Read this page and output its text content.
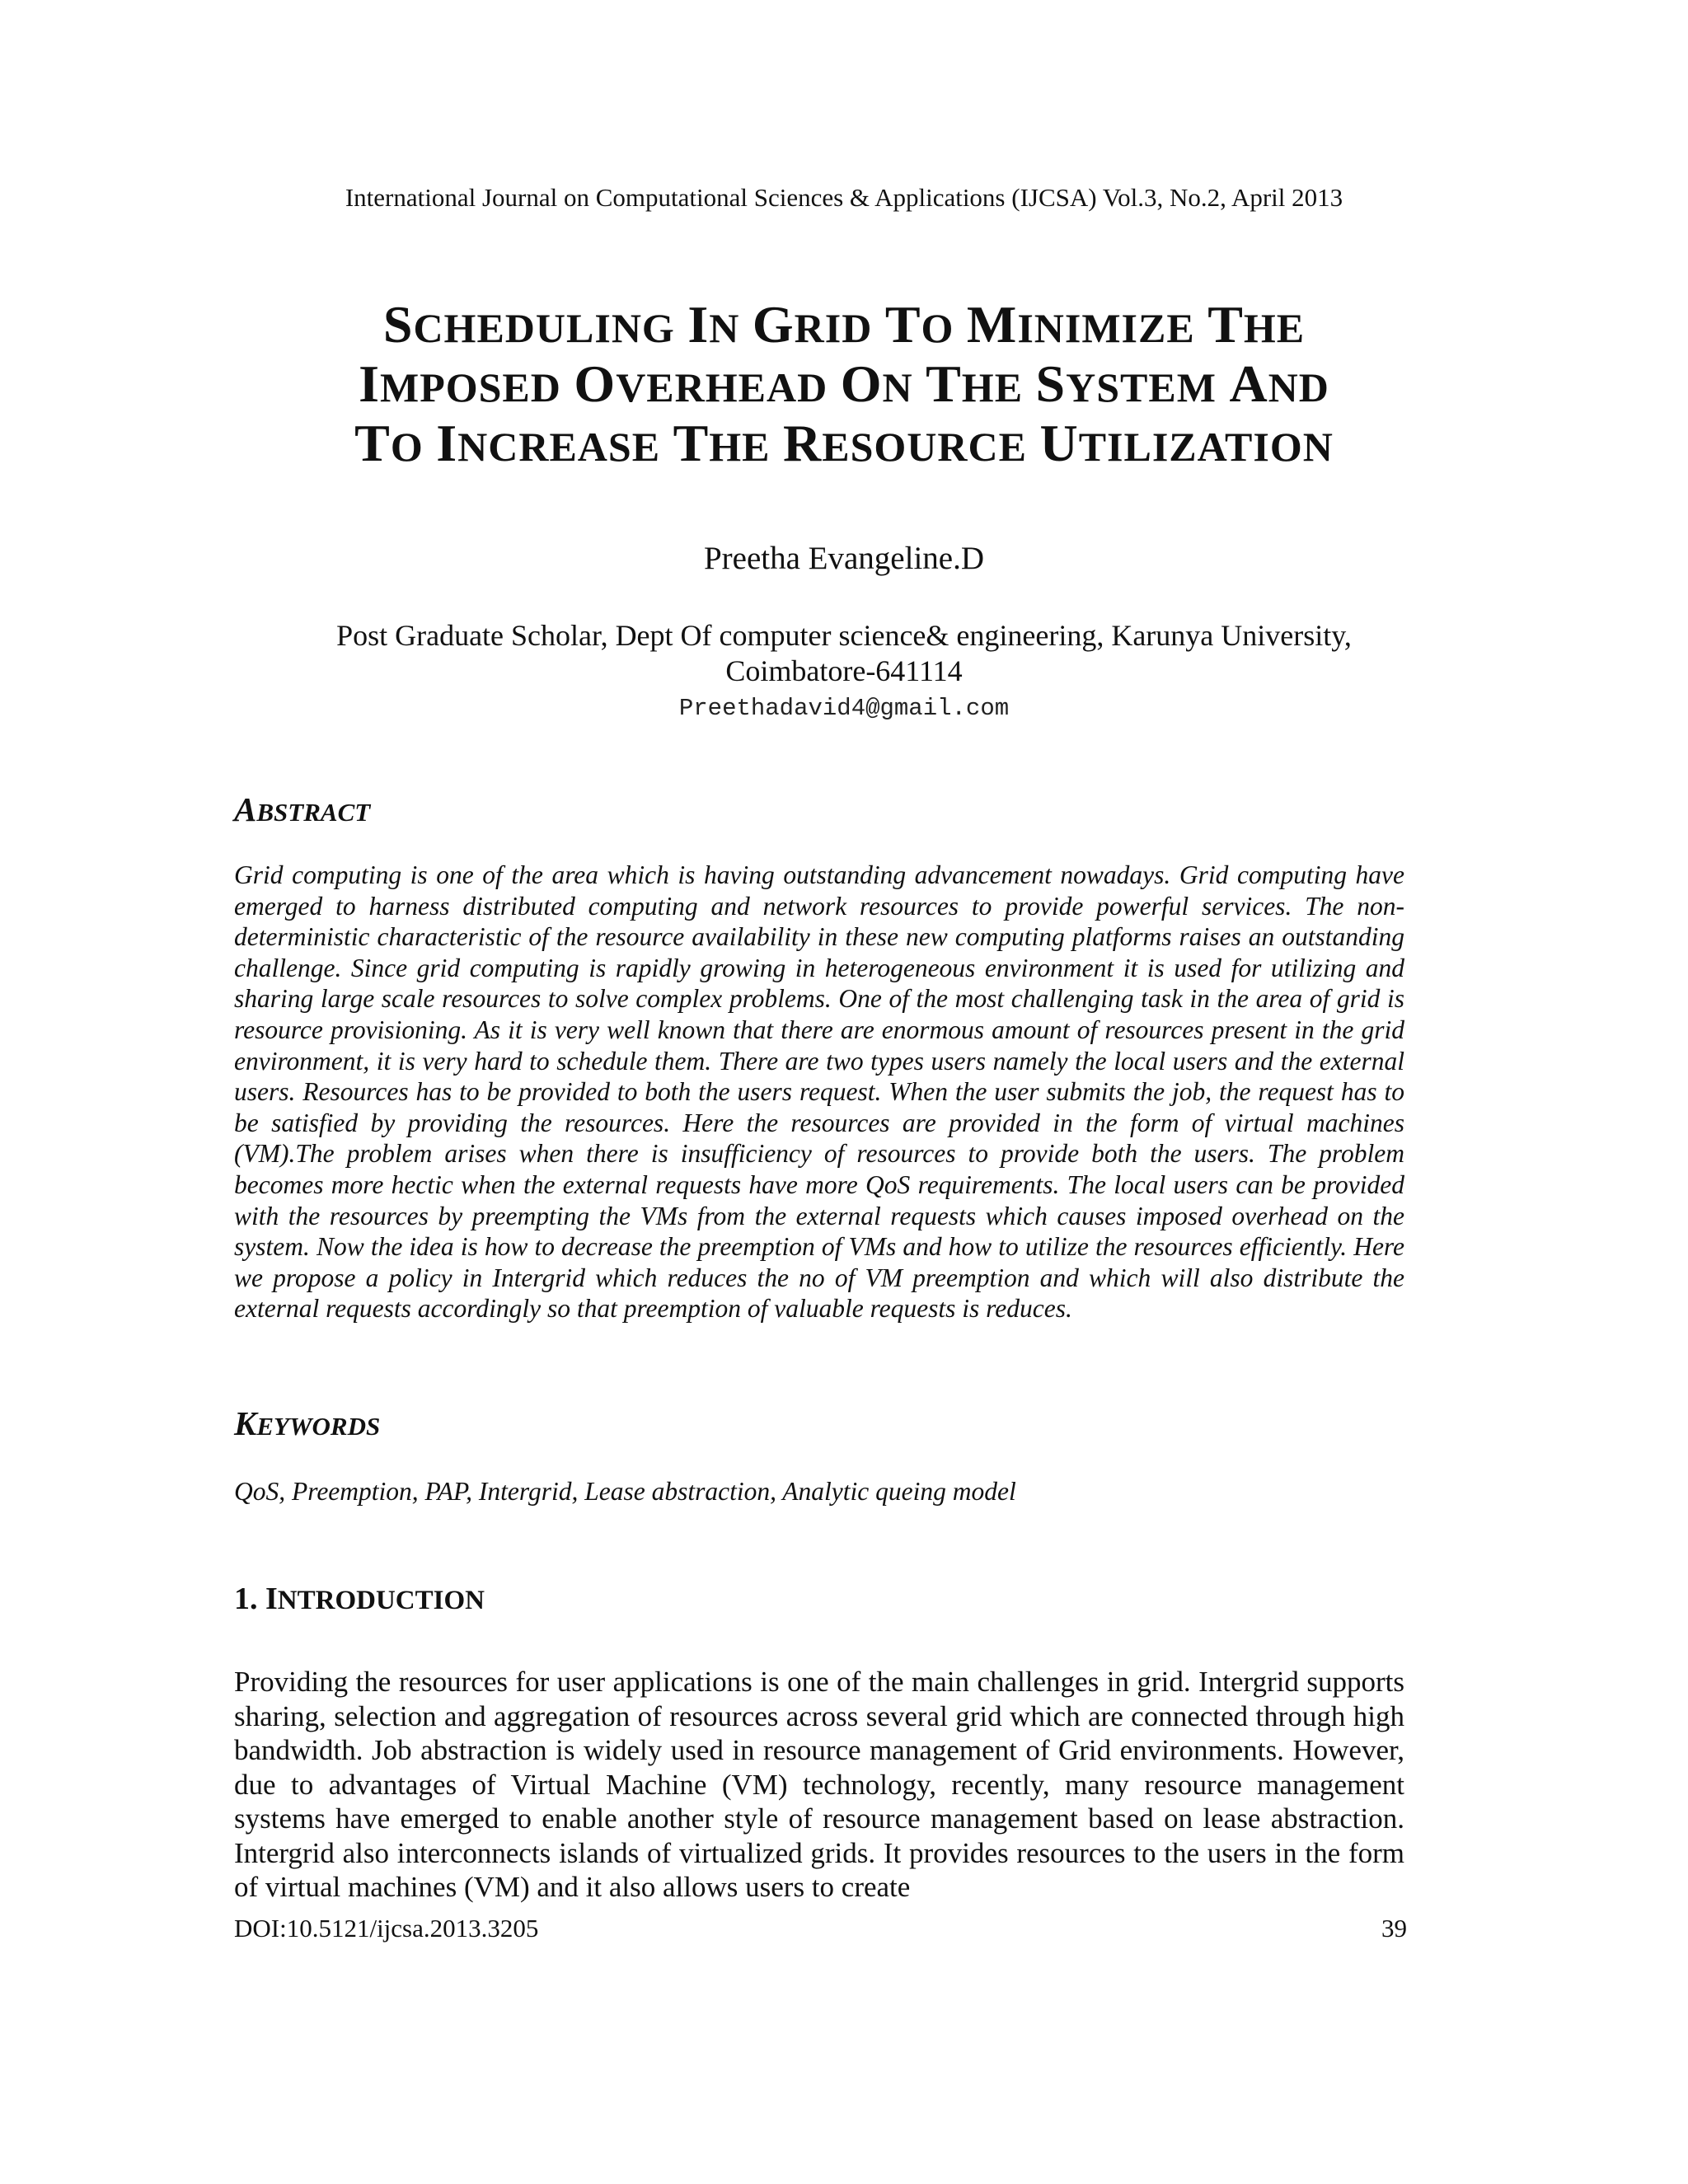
International Journal on Computational Sciences & Applications (IJCSA) Vol.3, No.2, April 2013
SCHEDULING IN GRID TO MINIMIZE THE
IMPOSED OVERHEAD ON THE SYSTEM AND
TO INCREASE THE RESOURCE UTILIZATION
Preetha Evangeline.D
Post Graduate Scholar, Dept Of computer science& engineering, Karunya University,
Coimbatore-641114
Preethadavid4@gmail.com
ABSTRACT
Grid computing is one of the area which is having outstanding advancement nowadays. Grid computing have emerged to harness distributed computing and network resources to provide powerful services. The non-deterministic characteristic of the resource availability in these new computing platforms raises an outstanding challenge. Since grid computing is rapidly growing in heterogeneous environment it is used for utilizing and sharing large scale resources to solve complex problems. One of the most challenging task in the area of grid is resource provisioning. As it is very well known that there are enormous amount of resources present in the grid environment, it is very hard to schedule them. There are two types users namely the local users and the external users. Resources has to be provided to both the users request. When the user submits the job, the request has to be satisfied by providing the resources. Here the resources are provided in the form of virtual machines (VM).The problem arises when there is insufficiency of resources to provide both the users. The problem becomes more hectic when the external requests have more QoS requirements. The local users can be provided with the resources by preempting the VMs from the external requests which causes imposed overhead on the system. Now the idea is how to decrease the preemption of VMs and how to utilize the resources efficiently. Here we propose a policy in Intergrid which reduces the no of VM preemption and which will also distribute the external requests accordingly so that preemption of valuable requests is reduces.
KEYWORDS
QoS, Preemption, PAP, Intergrid, Lease abstraction, Analytic queing model
1. INTRODUCTION
Providing the resources for user applications is one of the main challenges in grid. Intergrid supports sharing, selection and aggregation of resources across several grid which are connected through high bandwidth. Job abstraction is widely used in resource management of Grid environments. However, due to advantages of Virtual Machine (VM) technology, recently, many resource management systems have emerged to enable another style of resource management based on lease abstraction. Intergrid also interconnects islands of virtualized grids. It provides resources to the users in the form of virtual machines (VM) and it also allows users to create
DOI:10.5121/ijcsa.2013.3205	39
